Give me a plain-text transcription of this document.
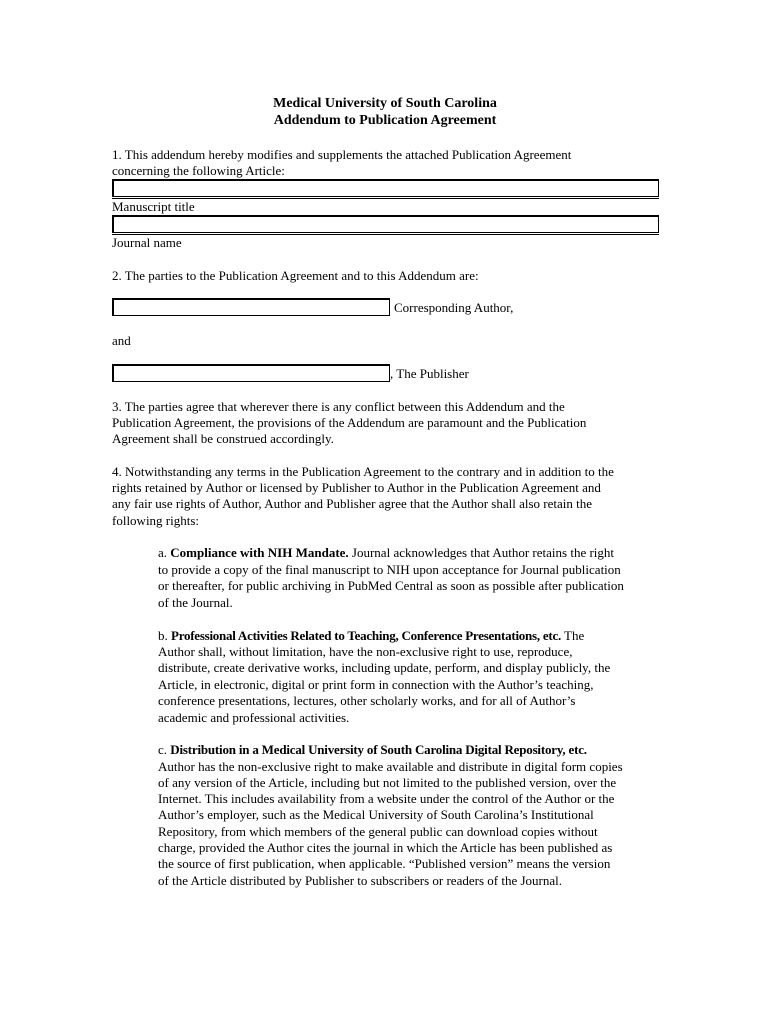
Medical University of South Carolina
Addendum to Publication Agreement

1. This addendum hereby modifies and supplements the attached Publication Agreement

concerning the following Article:

Manuscript title

Journal name

2. The parties to the Publication Agreement and to this Addendum are:

Corresponding Author,

and

, The Publisher

3. The parties agree that wherever there is any conflict between this Addendum and the

Publication Agreement, the provisions of the Addendum are paramount and the Publication

Agreement shall be construed accordingly.

4. Notwithstanding any terms in the Publication Agreement to the contrary and in addition to the

rights retained by Author or licensed by Publisher to Author in the Publication Agreement and

any fair use rights of Author, Author and Publisher agree that the Author shall also retain the

following rights:

a. Compliance with NIH Mandate. Journal acknowledges that Author retains the right

to provide a copy of the final manuscript to NIH upon acceptance for Journal publication

or thereafter, for public archiving in PubMed Central as soon as possible after publication

of the Journal.

b. Professional Activities Related to Teaching, Conference Presentations, etc. The

Author shall, without limitation, have the non-exclusive right to use, reproduce,

distribute, create derivative works, including update, perform, and display publicly, the

Article, in electronic, digital or print form in connection with the Author’s teaching,

conference presentations, lectures, other scholarly works, and for all of Author’s

academic and professional activities.

c. Distribution in a Medical University of South Carolina Digital Repository, etc.

Author has the non-exclusive right to make available and distribute in digital form copies

of any version of the Article, including but not limited to the published version, over the

Internet. This includes availability from a website under the control of the Author or the

Author’s employer, such as the Medical University of South Carolina’s Institutional

Repository, from which members of the general public can download copies without

charge, provided the Author cites the journal in which the Article has been published as

the source of first publication, when applicable. “Published version” means the version

of the Article distributed by Publisher to subscribers or readers of the Journal.
